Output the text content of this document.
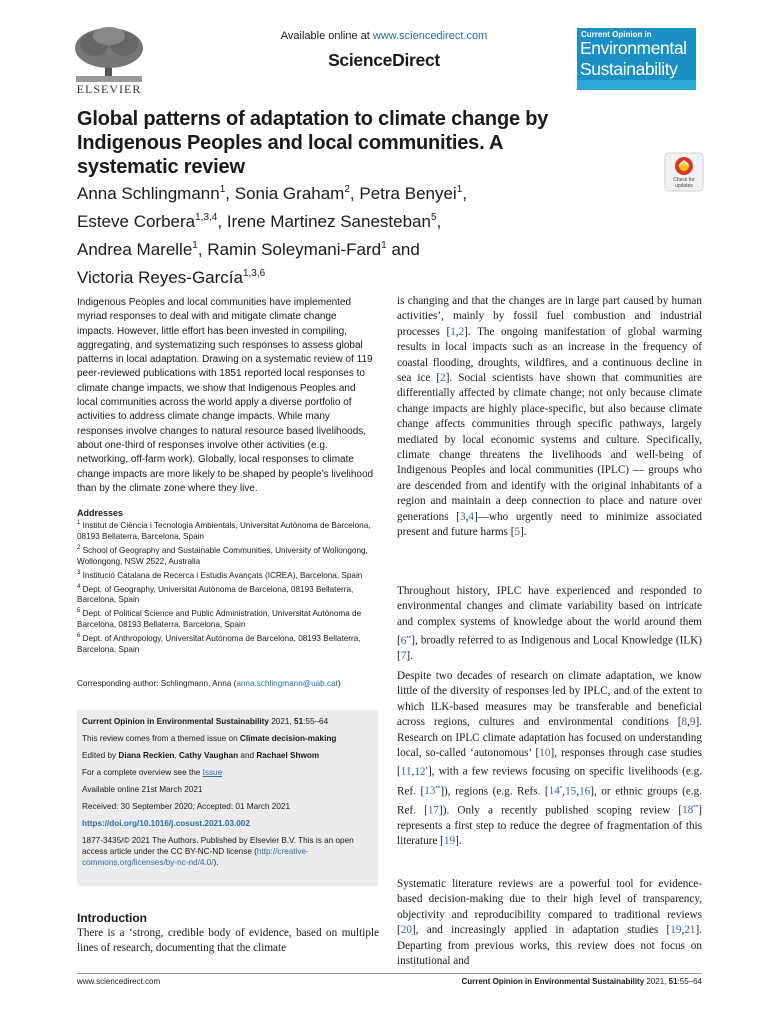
ELSEVIER
Available online at www.sciencedirect.com
ScienceDirect
Current Opinion in
Environmental
Sustainability
Global patterns of adaptation to climate change by Indigenous Peoples and local communities. A systematic review
Anna Schlingmann$^1$, Sonia Graham$^2$, Petra Benyei$^1$,
Esteve Corbera$^{1,3,4}$, Irene Martinez Sanesteban$^5$,
Andrea Marelle$^1$, Ramin Soleymani-Fard$^1$ and
Victoria Reyes-García$^{1,3,6}$
Check for
updates
Indigenous Peoples and local communities have implemented myriad responses to deal with and mitigate climate change impacts. However, little effort has been invested in compiling, aggregating, and systematizing such responses to assess global patterns in local adaptation. Drawing on a systematic review of 119 peer-reviewed publications with 1851 reported local responses to climate change impacts, we show that Indigenous Peoples and local communities across the world apply a diverse portfolio of activities to address climate change impacts. While many responses involve changes to natural resource based livelihoods, about one-third of responses involve other activities (e.g. networking, off-farm work). Globally, local responses to climate change impacts are more likely to be shaped by people’s livelihood than by the climate zone where they live.
Addresses

$^1$ Institut de Ciència i Tecnologia Ambientals, Universitat Autònoma de Barcelona, 08193 Bellaterra, Barcelona, Spain

$^2$ School of Geography and Sustainable Communities, University of Wollongong, Wollongong, NSW 2522, Australia

$^3$ Institució Catalana de Recerca i Estudis Avançats (ICREA), Barcelona, Spain

$^4$ Dept. of Geography, Universitat Autònoma de Barcelona, 08193 Bellaterra, Barcelona, Spain

$^5$ Dept. of Political Science and Public Administration, Universitat Autònoma de Barcelona, 08193 Bellaterra, Barcelona, Spain

$^6$ Dept. of Anthropology, Universitat Autónoma de Barcelona, 08193 Bellaterra, Barcelona, Spain

Corresponding author: Schlingmann, Anna (anna.schlingmann@uab.cat)
Current Opinion in Environmental Sustainability 2021, 51:55–64
This review comes from a themed issue on Climate decision-making
Edited by Diana Reckien, Cathy Vaughan and Rachael Shwom
For a complete overview see the Issue
Available online 21st March 2021
Received: 30 September 2020; Accepted: 01 March 2021
https://doi.org/10.1016/j.cosust.2021.03.002
1877-3435/© 2021 The Authors. Published by Elsevier B.V. This is an open access article under the CC BY-NC-ND license (http://creative-commons.org/licenses/by-nc-nd/4.0/).
Introduction
There is a ‘strong, credible body of evidence, based on multiple lines of research, documenting that the climate
is changing and that the changes are in large part caused by human activities’, mainly by fossil fuel combustion and industrial processes [1,2]. The ongoing manifestation of global warming results in local impacts such as an increase in the frequency of coastal flooding, droughts, wildfires, and a continuous decline in sea ice [2]. Social scientists have shown that communities are differentially affected by climate change; not only because climate change impacts are highly place-specific, but also because climate change affects communities through specific pathways, largely mediated by local economic systems and culture. Specifically, climate change threatens the livelihoods and well-being of Indigenous Peoples and local communities (IPLC) — groups who are descended from and identify with the original inhabitants of a region and maintain a deep connection to place and nature over generations [3,4]—who urgently need to minimize associated present and future harms [5].
Throughout history, IPLC have experienced and responded to environmental changes and climate variability based on intricate and complex systems of knowledge about the world around them [6••], broadly referred to as Indigenous and Local Knowledge (ILK) [7].
Despite two decades of research on climate adaptation, we know little of the diversity of responses led by IPLC, and of the extent to which ILK-based measures may be transferable and beneficial across regions, cultures and environmental conditions [8,9]. Research on IPLC climate adaptation has focused on understanding local, so-called ‘autonomous’ [10], responses through case studies [11,12•], with a few reviews focusing on specific livelihoods (e.g. Ref. [13••]), regions (e.g. Refs. [14•,15,16], or ethnic groups (e.g. Ref. [17]). Only a recently published scoping review [18••] represents a first step to reduce the degree of fragmentation of this literature [19].
Systematic literature reviews are a powerful tool for evidence-based decision-making due to their high level of transparency, objectivity and reproducibility compared to traditional reviews [20], and increasingly applied in adaptation studies [19,21]. Departing from previous works, this review does not focus on institutional and
www.sciencedirect.com	Current Opinion in Environmental Sustainability 2021, 51:55–64
